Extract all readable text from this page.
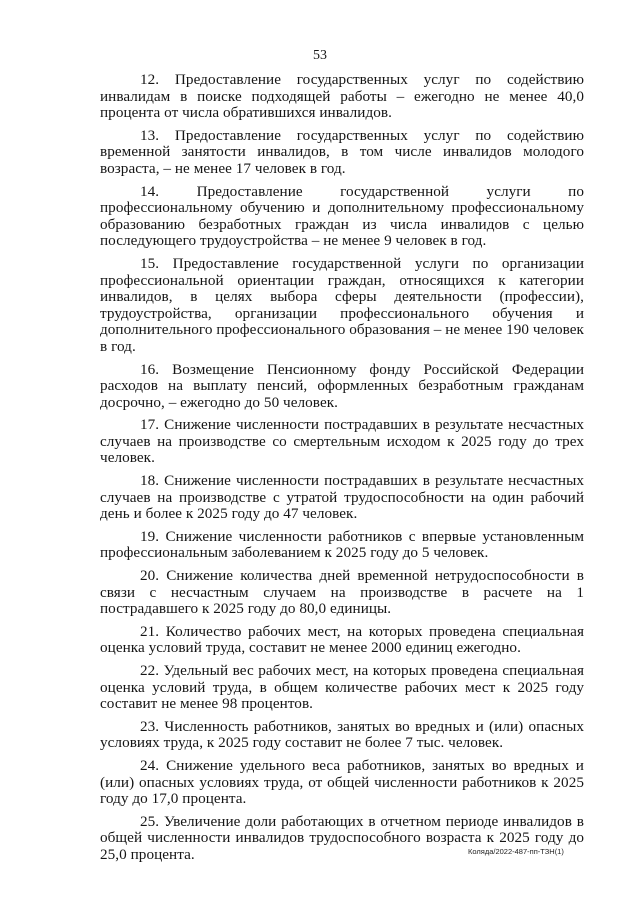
53

12. Предоставление государственных услуг по содействию инвалидам в поиске подходящей работы – ежегодно не менее 40,0 процента от числа обратившихся инвалидов.

13. Предоставление государственных услуг по содействию временной занятости инвалидов, в том числе инвалидов молодого возраста, – не менее 17 человек в год.

14. Предоставление государственной услуги по профессиональному обучению и дополнительному профессиональному образованию безработных граждан из числа инвалидов с целью последующего трудоустройства – не менее 9 человек в год.

15. Предоставление государственной услуги по организации профессиональной ориентации граждан, относящихся к категории инвалидов, в целях выбора сферы деятельности (профессии), трудоустройства, организации профессионального обучения и дополнительного профессионального образования – не менее 190 человек в год.

16. Возмещение Пенсионному фонду Российской Федерации расходов на выплату пенсий, оформленных безработным гражданам досрочно, – ежегодно до 50 человек.

17. Снижение численности пострадавших в результате несчастных случаев на производстве со смертельным исходом к 2025 году до трех человек.

18. Снижение численности пострадавших в результате несчастных случаев на производстве с утратой трудоспособности на один рабочий день и более к 2025 году до 47 человек.

19. Снижение численности работников с впервые установленным профессиональным заболеванием к 2025 году до 5 человек.

20. Снижение количества дней временной нетрудоспособности в связи с несчастным случаем на производстве в расчете на 1 пострадавшего к 2025 году до 80,0 единицы.

21. Количество рабочих мест, на которых проведена специальная оценка условий труда, составит не менее 2000 единиц ежегодно.

22. Удельный вес рабочих мест, на которых проведена специальная оценка условий труда, в общем количестве рабочих мест к 2025 году составит не менее 98 процентов.

23. Численность работников, занятых во вредных и (или) опасных условиях труда, к 2025 году составит не более 7 тыс. человек.

24. Снижение удельного веса работников, занятых во вредных и (или) опасных условиях труда, от общей численности работников к 2025 году до 17,0 процента.

25. Увеличение доли работающих в отчетном периоде инвалидов в общей численности инвалидов трудоспособного возраста к 2025 году до 25,0 процента.	Коляда/2022-487-пп-ТЗН(1)
